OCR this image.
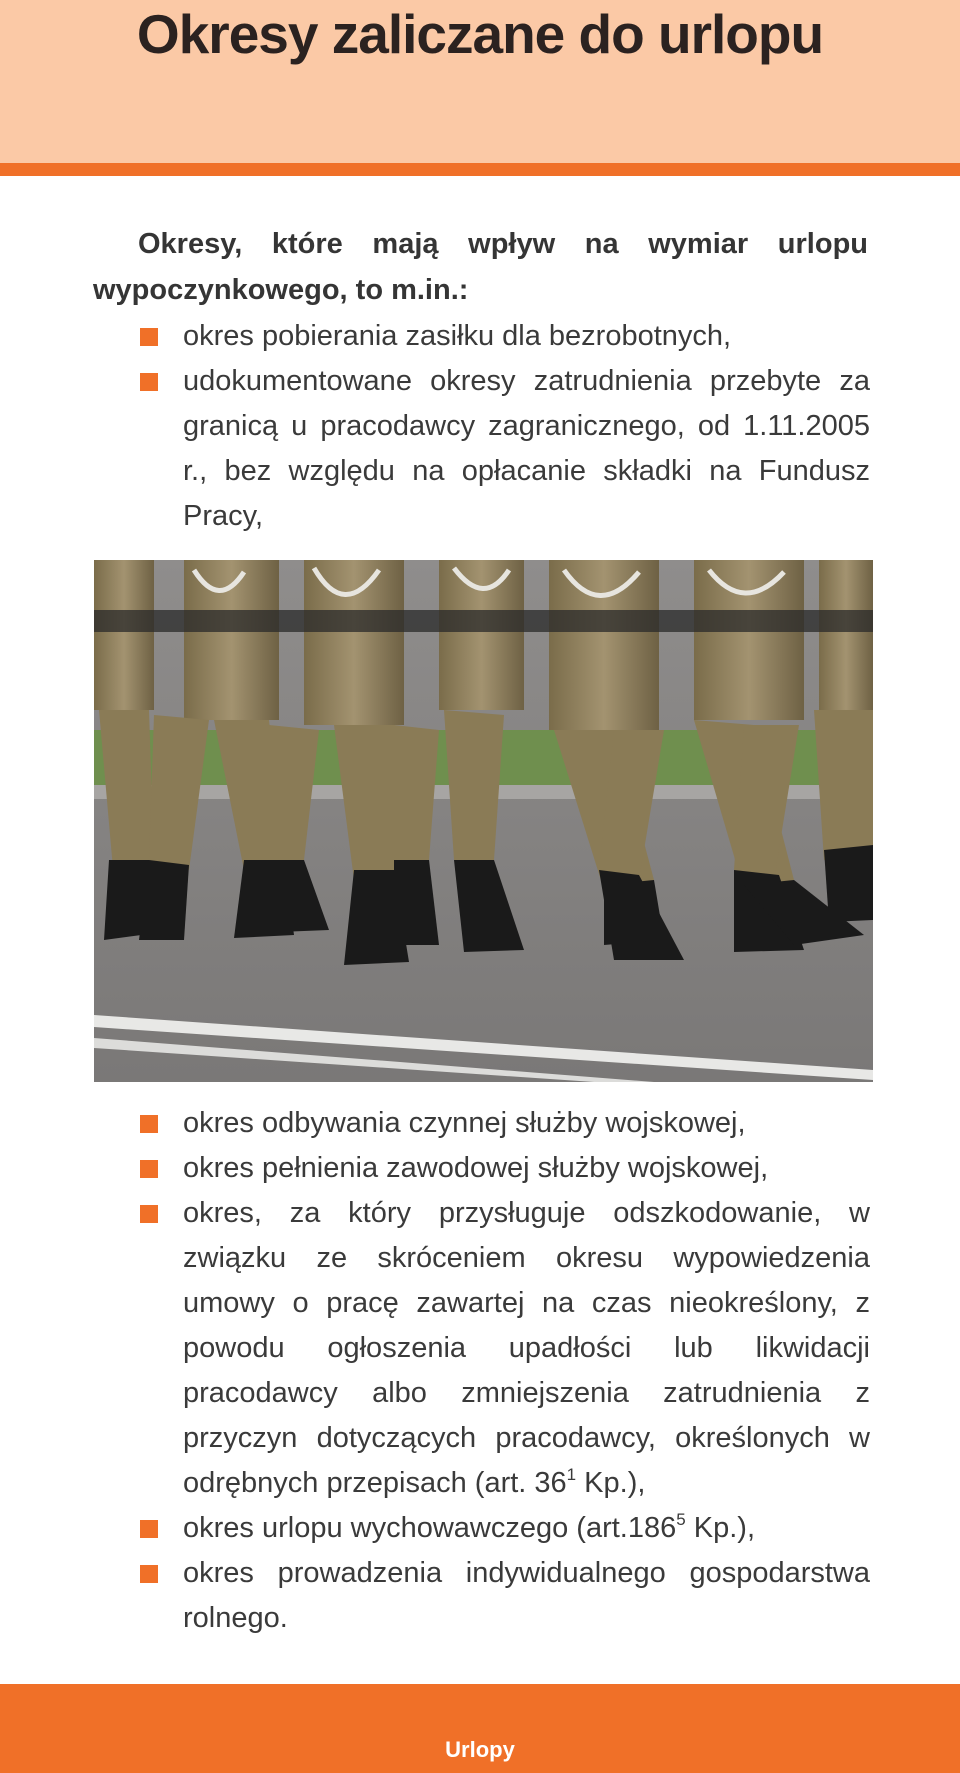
Okresy zaliczane do urlopu

Okresy, które mają wpływ na wymiar urlopu wypoczynkowego, to m.in.:

okres pobierania zasiłku dla bezrobotnych,
udokumentowane okresy zatrudnienia przebyte za granicą u pracodawcy zagranicznego, od 1.11.2005 r., bez względu na opłacanie składki na Fundusz Pracy,
okres odbywania czynnej służby wojskowej,
okres pełnienia zawodowej służby wojskowej,
okres, za który przysługuje odszkodowanie, w związku ze skróceniem okresu wypowiedzenia umowy o pracę zawartej na czas nieokreślony, z powodu ogłoszenia upadłości lub likwidacji pracodawcy albo zmniejszenia zatrudnienia z przyczyn dotyczących pracodawcy, określonych w odrębnych przepisach (art. $36^1$ Kp.),
okres urlopu wychowawczego (art.186$^5$ Kp.),
okres prowadzenia indywidualnego gospodarstwa rolnego.
Urlopy
